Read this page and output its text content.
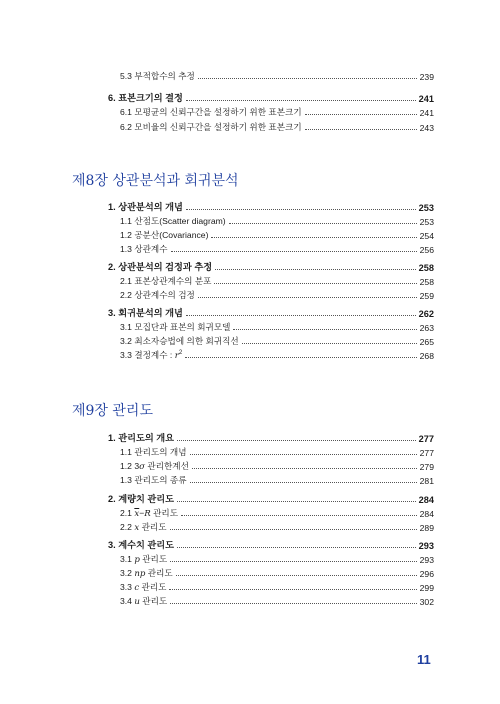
5.3 부적합수의 추정	239
6. 표본크기의 결정	241
6.1 모평균의 신뢰구간을 설정하기 위한 표본크기	241
6.2 모비율의 신뢰구간을 설정하기 위한 표본크기	243
제8장 상관분석과 회귀분석
1. 상관분석의 개념	253
1.1 산점도(Scatter diagram)	253
1.2 공분산(Covariance)	254
1.3 상관계수	256
2. 상관분석의 검정과 추정	258
2.1 표본상관계수의 분포	258
2.2 상관계수의 검정	259
3. 회귀분석의 개념	262
3.1 모집단과 표본의 회귀모델	263
3.2 최소자승법에 의한 회귀직선	265
3.3 결정계수 : $r^2$	268
제9장 관리도
1. 관리도의 개요	277
1.1 관리도의 개념	277
1.2 3σ 관리한계선	279
1.3 관리도의 종류	281
2. 계량치 관리도	284
2.1 $\overline{x}-R$ 관리도	284
2.2 x 관리도	289
3. 계수치 관리도	293
3.1 p 관리도	293
3.2 np 관리도	296
3.3 c 관리도	299
3.4 u 관리도	302
11
